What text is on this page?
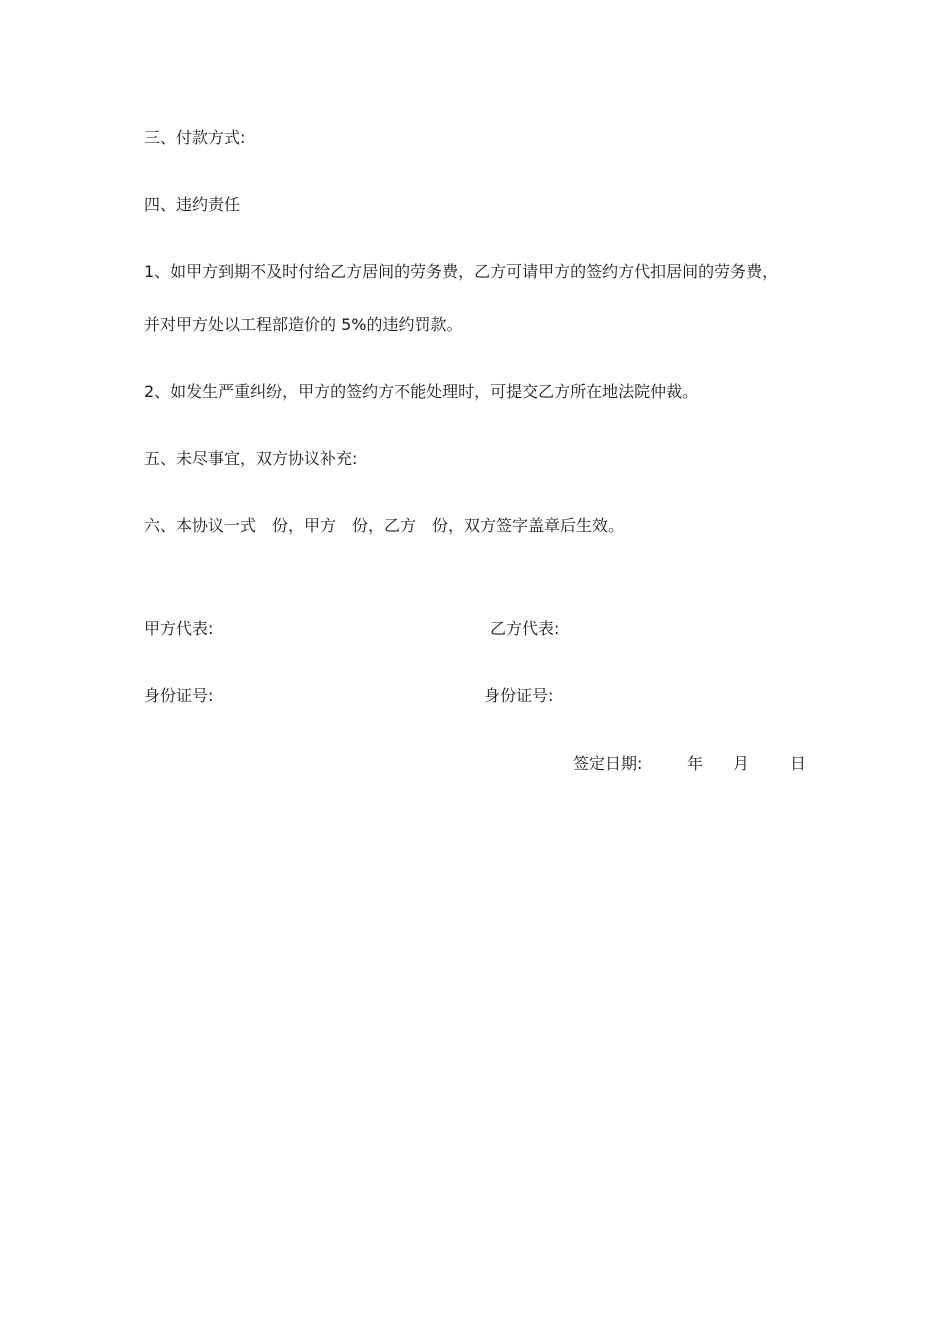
三、付款方式:
四、违约责任
1、如甲方到期不及时付给乙方居间的劳务费，乙方可请甲方的签约方代扣居间的劳务费，
并对甲方处以工程部造价的 5%的违约罚款。
2、如发生严重纠纷，甲方的签约方不能处理时，可提交乙方所在地法院仲裁。
五、未尽事宜，双方协议补充:
六、本协议一式　份，甲方　份，乙方　份，双方签字盖章后生效。
甲方代表:	乙方代表:
身份证号:	身份证号:
签定日期:	年 月	日
